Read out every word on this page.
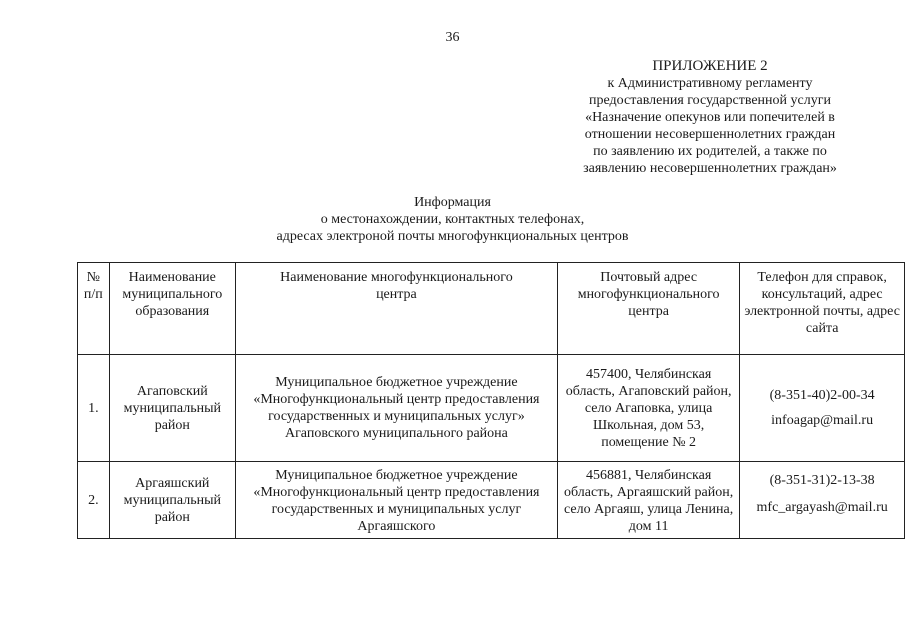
36
ПРИЛОЖЕНИЕ 2
к Административному регламенту
предоставления государственной услуги
«Назначение опекунов или попечителей в
отношении несовершеннолетних граждан
по заявлению их родителей, а также по
заявлению несовершеннолетних граждан»
Информация
о местонахождении, контактных телефонах,
адресах электроной почты многофункциональных центров
№ п/п	Наименование муниципального образования	Наименование многофункционального центра	Почтовый адрес многофункционального центра	Телефон для справок, консультаций, адрес электронной почты, адрес сайта
1.	Агаповский муниципальный район	Муниципальное бюджетное учреждение «Многофункциональный центр предоставления государственных и муниципальных услуг» Агаповского муниципального района	457400, Челябинская область, Агаповский район, село Агаповка, улица Школьная, дом 53, помещение № 2	(8-351-40)2-00-34
infoagap@mail.ru

2.	Аргаяшский муниципальный район	Муниципальное бюджетное учреждение «Многофункциональный центр предоставления государственных и муниципальных услуг Аргаяшского	456881, Челябинская область, Аргаяшский район, село Аргаяш, улица Ленина, дом 11	(8-351-31)2-13-38
mfc_argayash@mail.ru
